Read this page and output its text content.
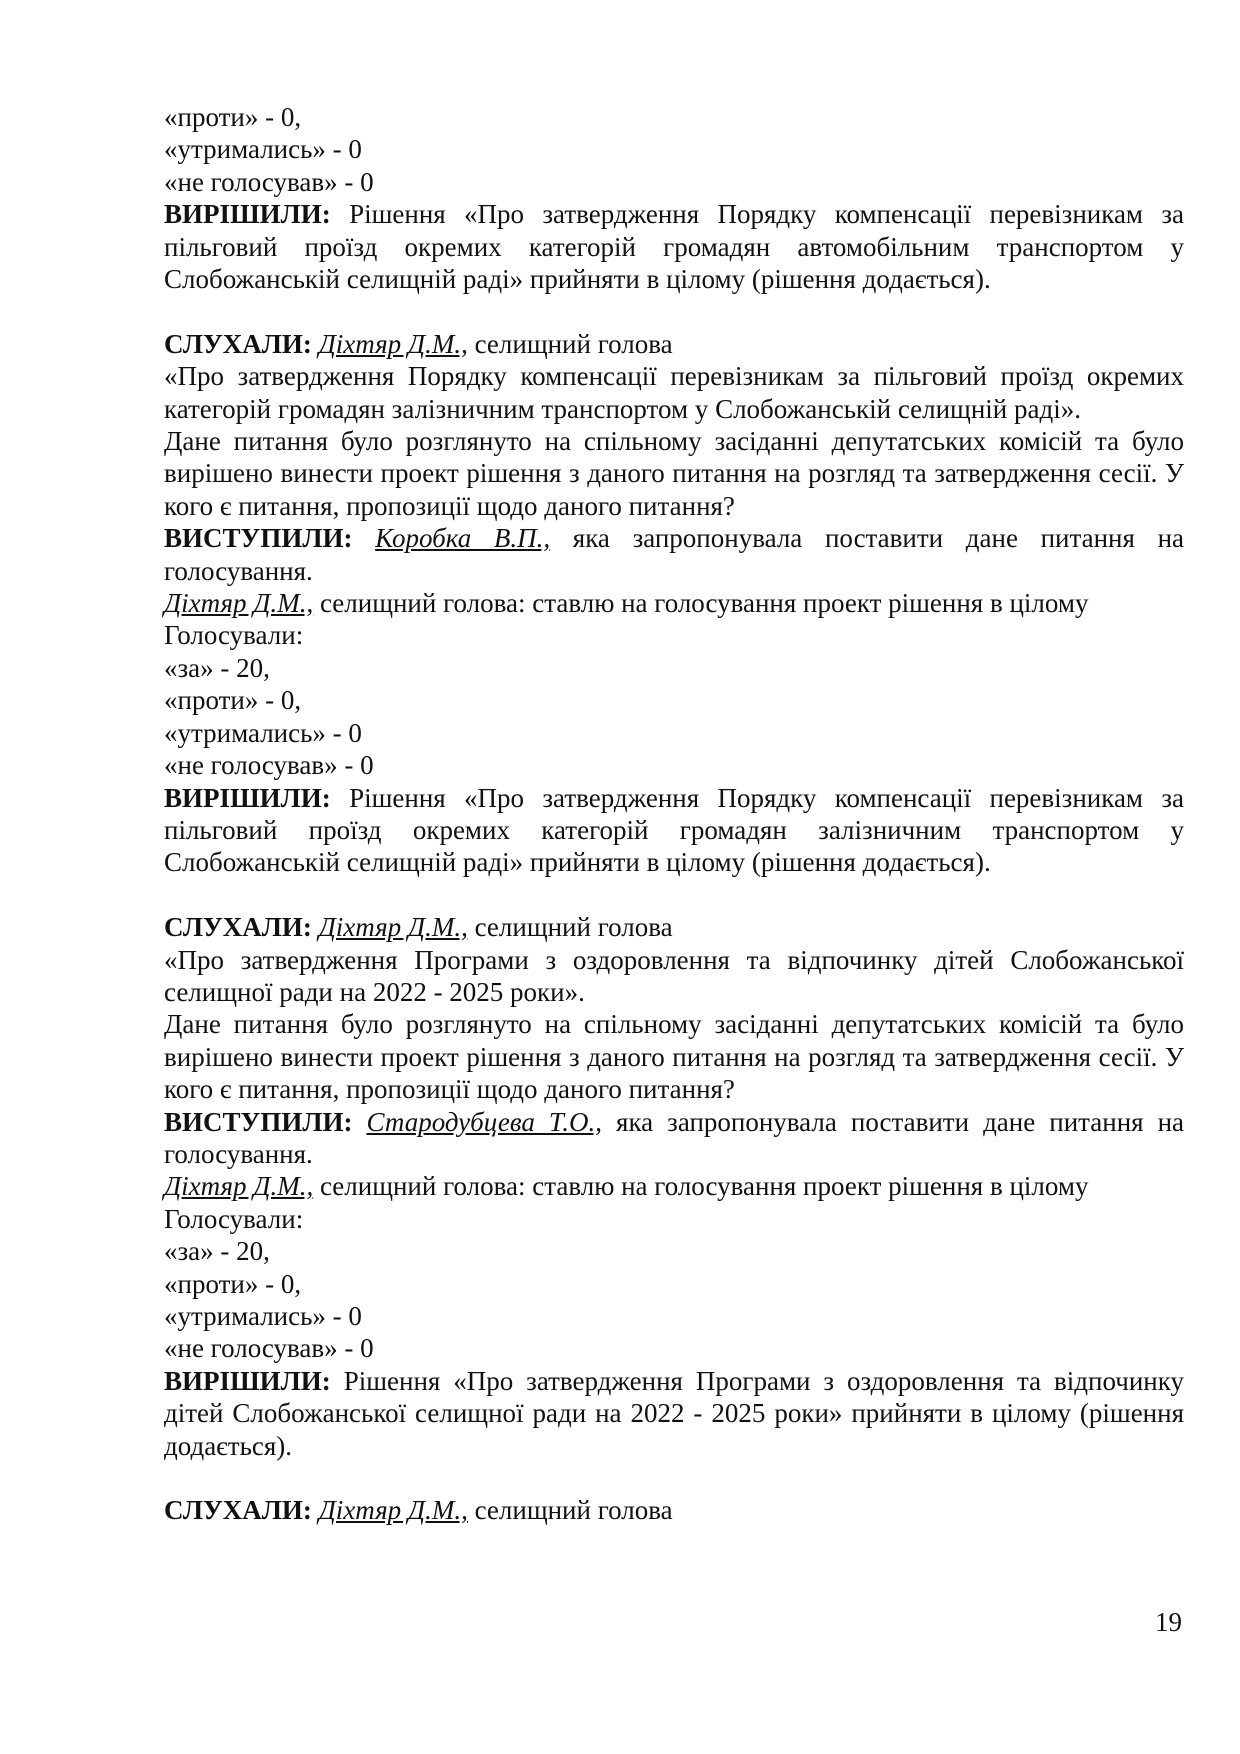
«проти» - 0,
«утримались» - 0
«не голосував» - 0

ВИРІШИЛИ: Рішення «Про затвердження Порядку компенсації перевізникам за пільговий проїзд окремих категорій громадян автомобільним транспортом у Слобожанській селищній раді» прийняти в цілому (рішення додається).

СЛУХАЛИ: Діхтяр Д.М., селищний голова

«Про затвердження Порядку компенсації перевізникам за пільговий проїзд окремих категорій громадян залізничним транспортом у Слобожанській селищній раді».

Дане питання було розглянуто на спільному засіданні депутатських комісій та було вирішено винести проект рішення з даного питання на розгляд та затвердження сесії. У кого є питання, пропозиції щодо даного питання?

ВИСТУПИЛИ: Коробка В.П., яка запропонувала поставити дане питання на голосування.

Діхтяр Д.М., селищний голова: ставлю на голосування проект рішення в цілому

Голосували:
«за» - 20,
«проти» - 0,
«утримались» - 0
«не голосував» - 0

ВИРІШИЛИ: Рішення «Про затвердження Порядку компенсації перевізникам за пільговий проїзд окремих категорій громадян залізничним транспортом у Слобожанській селищній раді» прийняти в цілому (рішення додається).

СЛУХАЛИ: Діхтяр Д.М., селищний голова

«Про затвердження Програми з оздоровлення та відпочинку дітей Слобожанської селищної ради на 2022 - 2025 роки».

Дане питання було розглянуто на спільному засіданні депутатських комісій та було вирішено винести проект рішення з даного питання на розгляд та затвердження сесії. У кого є питання, пропозиції щодо даного питання?

ВИСТУПИЛИ: Стародубцева Т.О., яка запропонувала поставити дане питання на голосування.

Діхтяр Д.М., селищний голова: ставлю на голосування проект рішення в цілому

Голосували:
«за» - 20,
«проти» - 0,
«утримались» - 0
«не голосував» - 0

ВИРІШИЛИ: Рішення «Про затвердження Програми з оздоровлення та відпочинку дітей Слобожанської селищної ради на 2022 - 2025 роки» прийняти в цілому (рішення додається).

СЛУХАЛИ: Діхтяр Д.М., селищний голова

19
